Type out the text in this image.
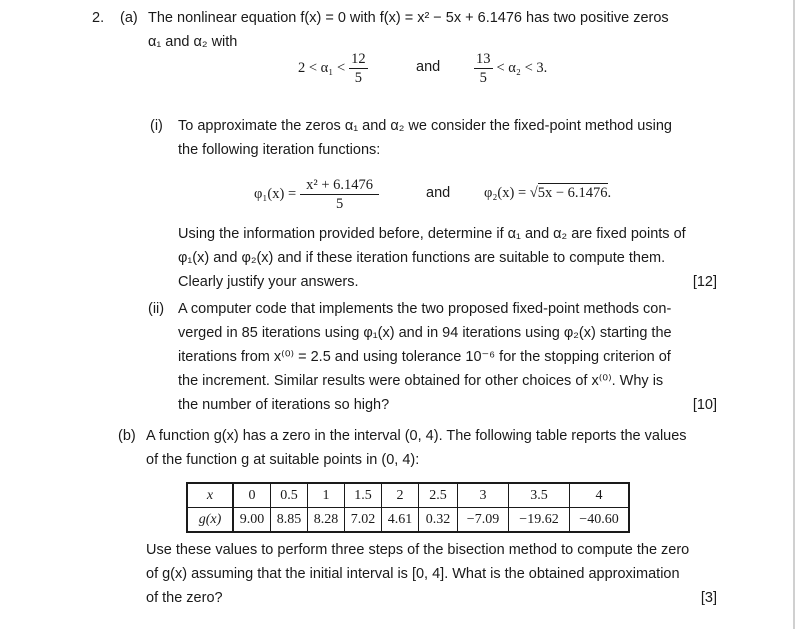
2. (a) The nonlinear equation f(x) = 0 with f(x) = x² − 5x + 6.1476 has two positive zeros
α₁ and α₂ with
$2 < \alpha_1 < \frac{12}{5}$	and $\frac{13}{5} < \alpha_2 < 3$.
(i) To approximate the zeros α₁ and α₂ we consider the fixed-point method using
the following iteration functions:
$\varphi_1(x) = \frac{\text{x² + 6.1476}}{5}$	and φ₂(x) = √5x − 6.1476.
Using the information provided before, determine if α₁ and α₂ are fixed points of
φ₁(x) and φ₂(x) and if these iteration functions are suitable to compute them.
Clearly justify your answers.	[12]
(ii) A computer code that implements the two proposed fixed-point methods con-
verged in 85 iterations using φ₁(x) and in 94 iterations using φ₂(x) starting the
iterations from x⁽⁰⁾ = 2.5 and using tolerance 10⁻⁶ for the stopping criterion of
the increment. Similar results were obtained for other choices of x⁽⁰⁾. Why is
the number of iterations so high?	[10]
(b) A function g(x) has a zero in the interval (0, 4). The following table reports the values
of the function g at suitable points in (0, 4):
x	0	0.5	1	1.5	2	2.5	3	3.5	4
g(x)	9.00	8.85	8.28	7.02	4.61	0.32	−7.09	−19.62	−40.60
Use these values to perform three steps of the bisection method to compute the zero
of g(x) assuming that the initial interval is [0, 4]. What is the obtained approximation
of the zero?	[3]
